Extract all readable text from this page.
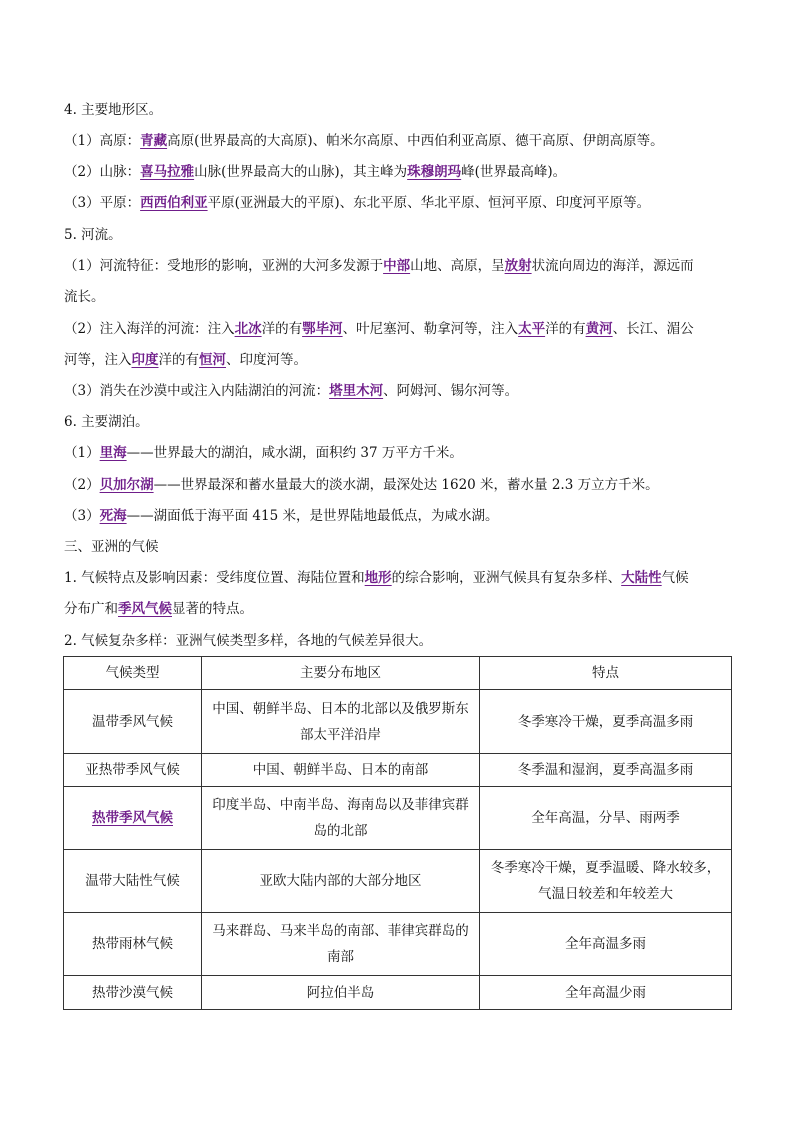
4. 主要地形区。
（1）高原：青藏高原(世界最高的大高原)、帕米尔高原、中西伯利亚高原、德干高原、伊朗高原等。
（2）山脉：喜马拉雅山脉(世界最高大的山脉)，其主峰为珠穆朗玛峰(世界最高峰)。
（3）平原：西西伯利亚平原(亚洲最大的平原)、东北平原、华北平原、恒河平原、印度河平原等。
5. 河流。
（1）河流特征：受地形的影响，亚洲的大河多发源于中部山地、高原，呈放射状流向周边的海洋，源远而
流长。
（2）注入海洋的河流：注入北冰洋的有鄂毕河、叶尼塞河、勒拿河等，注入太平洋的有黄河、长江、湄公
河等，注入印度洋的有恒河、印度河等。
（3）消失在沙漠中或注入内陆湖泊的河流：塔里木河、阿姆河、锡尔河等。
6. 主要湖泊。
（1）里海——世界最大的湖泊，咸水湖，面积约 37 万平方千米。
（2）贝加尔湖——世界最深和蓄水量最大的淡水湖，最深处达 1620 米，蓄水量 2.3 万立方千米。
（3）死海——湖面低于海平面 415 米，是世界陆地最低点，为咸水湖。
三、亚洲的气候
1. 气候特点及影响因素：受纬度位置、海陆位置和地形的综合影响，亚洲气候具有复杂多样、大陆性气候
分布广和季风气候显著的特点。
2. 气候复杂多样：亚洲气候类型多样，各地的气候差异很大。
气候类型	主要分布地区	特点
温带季风气候	中国、朝鲜半岛、日本的北部以及俄罗斯东
部太平洋沿岸	冬季寒冷干燥，夏季高温多雨

亚热带季风气候	中国、朝鲜半岛、日本的南部	冬季温和湿润，夏季高温多雨

热带季风气候	印度半岛、中南半岛、海南岛以及菲律宾群
岛的北部	全年高温，分旱、雨两季

温带大陆性气候	亚欧大陆内部的大部分地区	冬季寒冷干燥，夏季温暖、降水较多，
气温日较差和年较差大

热带雨林气候	马来群岛、马来半岛的南部、菲律宾群岛的
南部	全年高温多雨

热带沙漠气候	阿拉伯半岛	全年高温少雨
